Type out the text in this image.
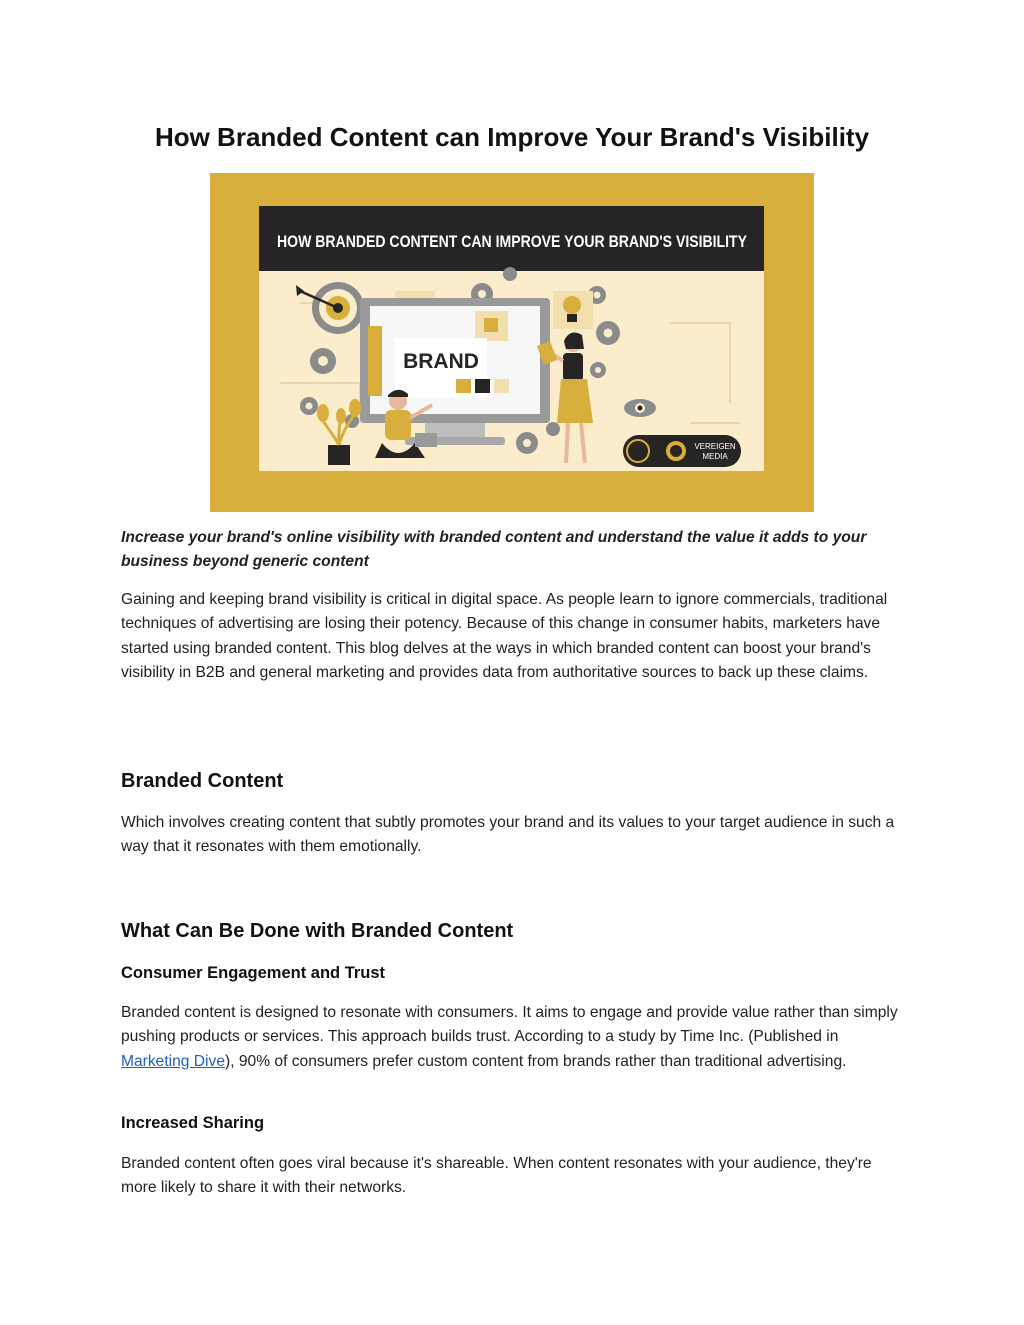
How Branded Content can Improve Your Brand's Visibility
HOW BRANDED CONTENT CAN IMPROVE YOUR BRAND'S VISIBILITY
BRAND
VEREIGEN
MEDIA

Increase your brand's online visibility with branded content and understand the value it adds to your business beyond generic content

Gaining and keeping brand visibility is critical in digital space. As people learn to ignore commercials, traditional techniques of advertising are losing their potency. Because of this change in consumer habits, marketers have started using branded content. This blog delves at the ways in which branded content can boost your brand's visibility in B2B and general marketing and provides data from authoritative sources to back up these claims.

Branded Content

Which involves creating content that subtly promotes your brand and its values to your target audience in such a way that it resonates with them emotionally.

What Can Be Done with Branded Content
Consumer Engagement and Trust

Branded content is designed to resonate with consumers. It aims to engage and provide value rather than simply pushing products or services. This approach builds trust. According to a study by Time Inc. (Published in Marketing Dive), 90% of consumers prefer custom content from brands rather than traditional advertising.

Increased Sharing

Branded content often goes viral because it's shareable. When content resonates with your audience, they're more likely to share it with their networks.
